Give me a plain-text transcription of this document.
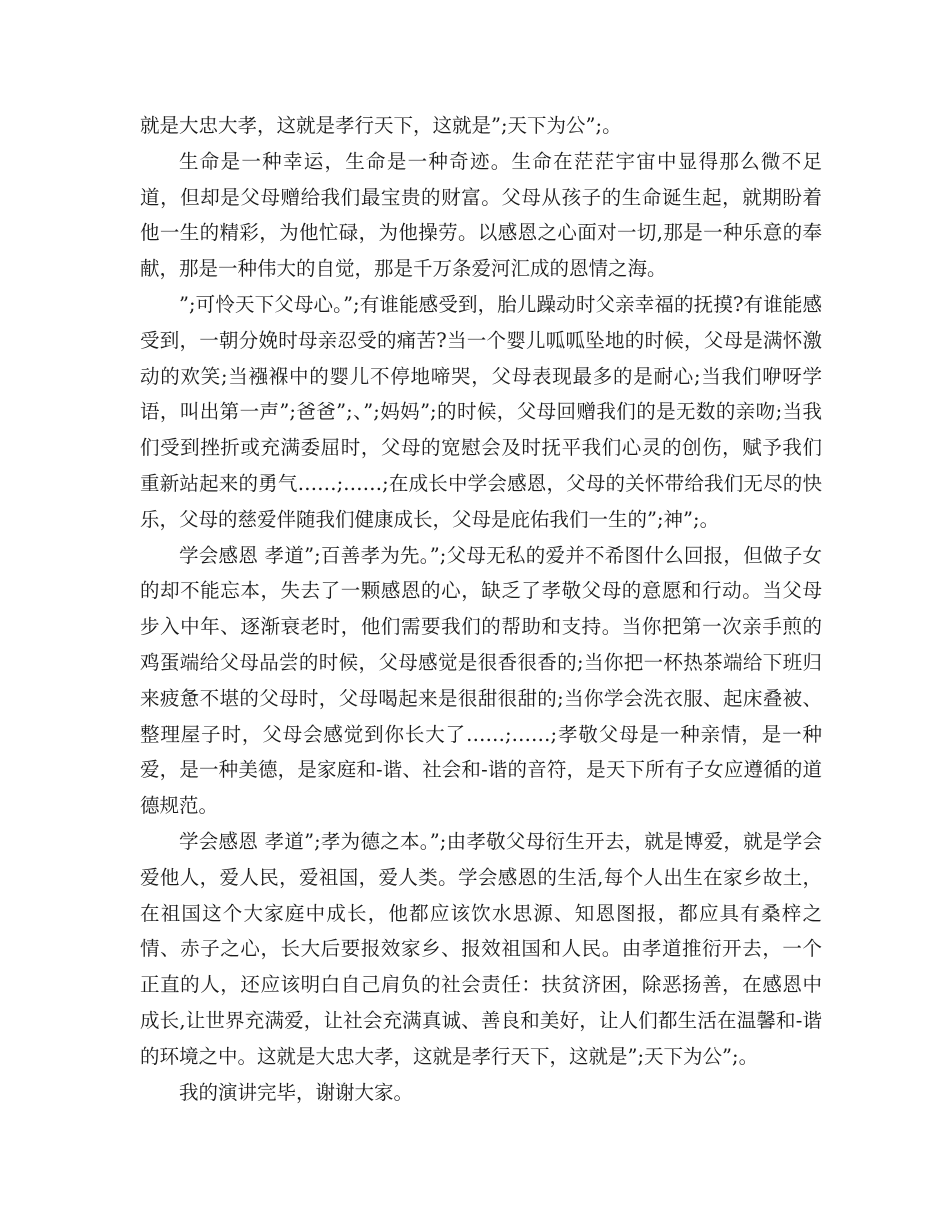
就是大忠大孝，这就是孝行天下，这就是”;天下为公”;。

生命是一种幸运，生命是一种奇迹。生命在茫茫宇宙中显得那么微不足道，但却是父母赠给我们最宝贵的财富。父母从孩子的生命诞生起，就期盼着他一生的精彩，为他忙碌，为他操劳。以感恩之心面对一切,那是一种乐意的奉献，那是一种伟大的自觉，那是千万条爱河汇成的恩情之海。

”;可怜天下父母心。”;有谁能感受到，胎儿躁动时父亲幸福的抚摸?有谁能感受到，一朝分娩时母亲忍受的痛苦?当一个婴儿呱呱坠地的时候，父母是满怀激动的欢笑;当襁褓中的婴儿不停地啼哭，父母表现最多的是耐心;当我们咿呀学语，叫出第一声”;爸爸”;、”;妈妈”;的时候，父母回赠我们的是无数的亲吻;当我们受到挫折或充满委屈时，父母的宽慰会及时抚平我们心灵的创伤，赋予我们重新站起来的勇气……;……;在成长中学会感恩，父母的关怀带给我们无尽的快乐，父母的慈爱伴随我们健康成长，父母是庇佑我们一生的”;神”;。

学会感恩 孝道”;百善孝为先。”;父母无私的爱并不希图什么回报，但做子女的却不能忘本，失去了一颗感恩的心，缺乏了孝敬父母的意愿和行动。当父母步入中年、逐渐衰老时，他们需要我们的帮助和支持。当你把第一次亲手煎的鸡蛋端给父母品尝的时候，父母感觉是很香很香的;当你把一杯热茶端给下班归来疲惫不堪的父母时，父母喝起来是很甜很甜的;当你学会洗衣服、起床叠被、整理屋子时，父母会感觉到你长大了……;……;孝敬父母是一种亲情，是一种爱，是一种美德，是家庭和-谐、社会和-谐的音符，是天下所有子女应遵循的道德规范。

学会感恩 孝道”;孝为德之本。”;由孝敬父母衍生开去，就是博爱，就是学会爱他人，爱人民，爱祖国，爱人类。学会感恩的生活,每个人出生在家乡故土，在祖国这个大家庭中成长，他都应该饮水思源、知恩图报，都应具有桑梓之情、赤子之心，长大后要报效家乡、报效祖国和人民。由孝道推衍开去，一个正直的人，还应该明白自己肩负的社会责任：扶贫济困，除恶扬善，在感恩中成长,让世界充满爱，让社会充满真诚、善良和美好，让人们都生活在温馨和-谐的环境之中。这就是大忠大孝，这就是孝行天下，这就是”;天下为公”;。

我的演讲完毕，谢谢大家。
